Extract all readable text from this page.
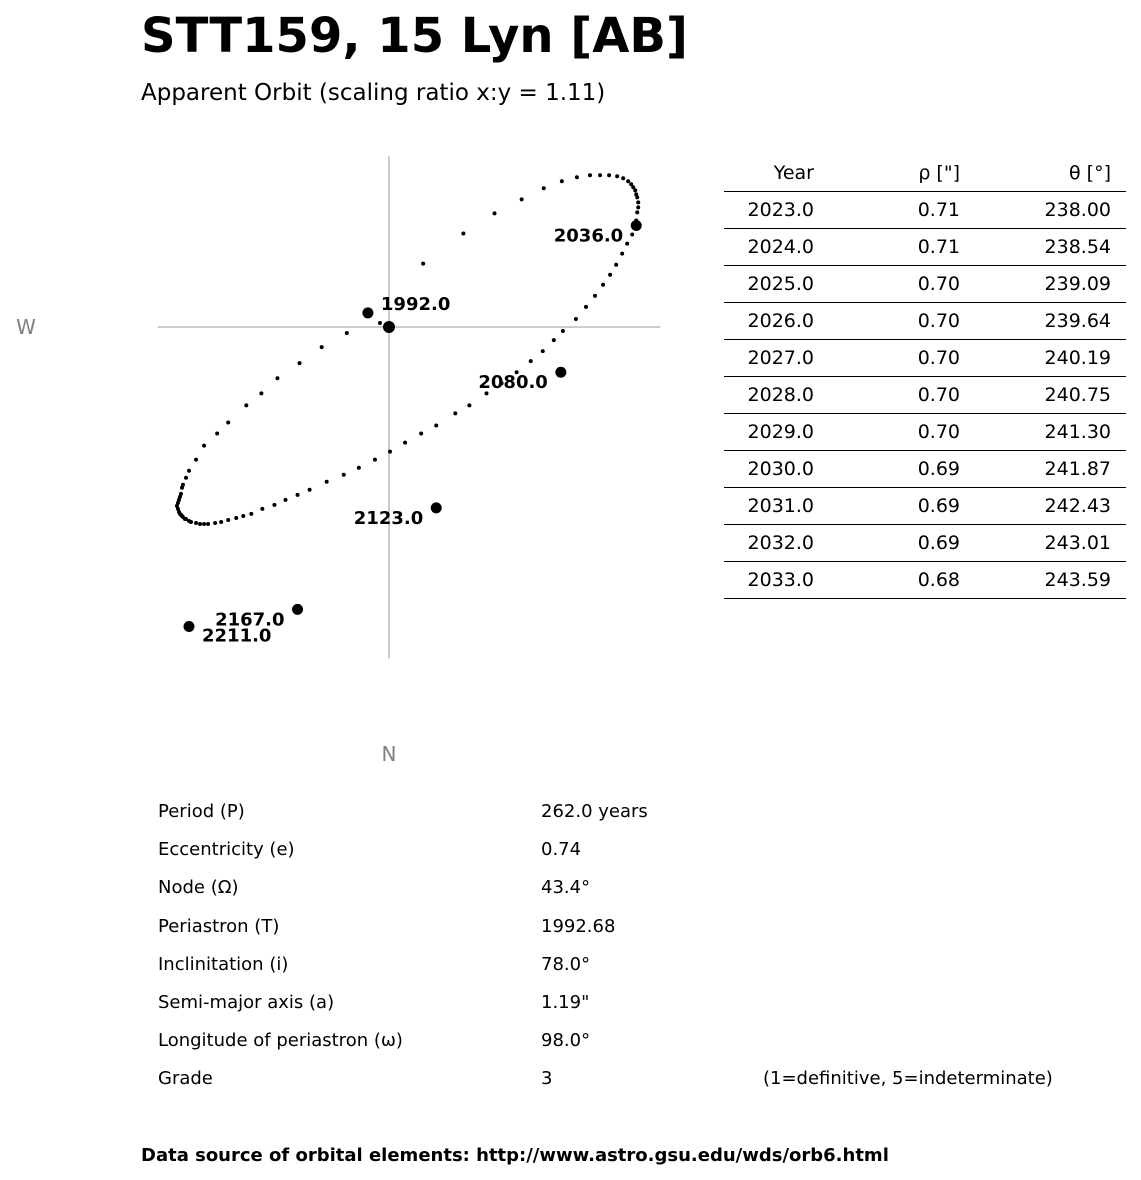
STT159, 15 Lyn [AB]
Apparent Orbit (scaling ratio x:y = 1.11)
W
N
1992.0
2036.0
2080.0
2123.0
2167.0
2211.0
Year	ρ ["]	θ [°]	
2023.0	0.71	238.00	
2024.0	0.71	238.54	
2025.0	0.70	239.09	
2026.0	0.70	239.64	
2027.0	0.70	240.19	
2028.0	0.70	240.75	
2029.0	0.70	241.30	
2030.0	0.69	241.87	
2031.0	0.69	242.43	
2032.0	0.69	243.01	
2033.0	0.68	243.59	
Period (P)	262.0 years
Eccentricity (e)	0.74
Node (Ω)	43.4°
Periastron (T)	1992.68
Inclinitation (i)	78.0°
Semi-major axis (a)	1.19"
Longitude of periastron (ω)	98.0°
Grade	3	(1=definitive, 5=indeterminate)
Data source of orbital elements: http://www.astro.gsu.edu/wds/orb6.html
